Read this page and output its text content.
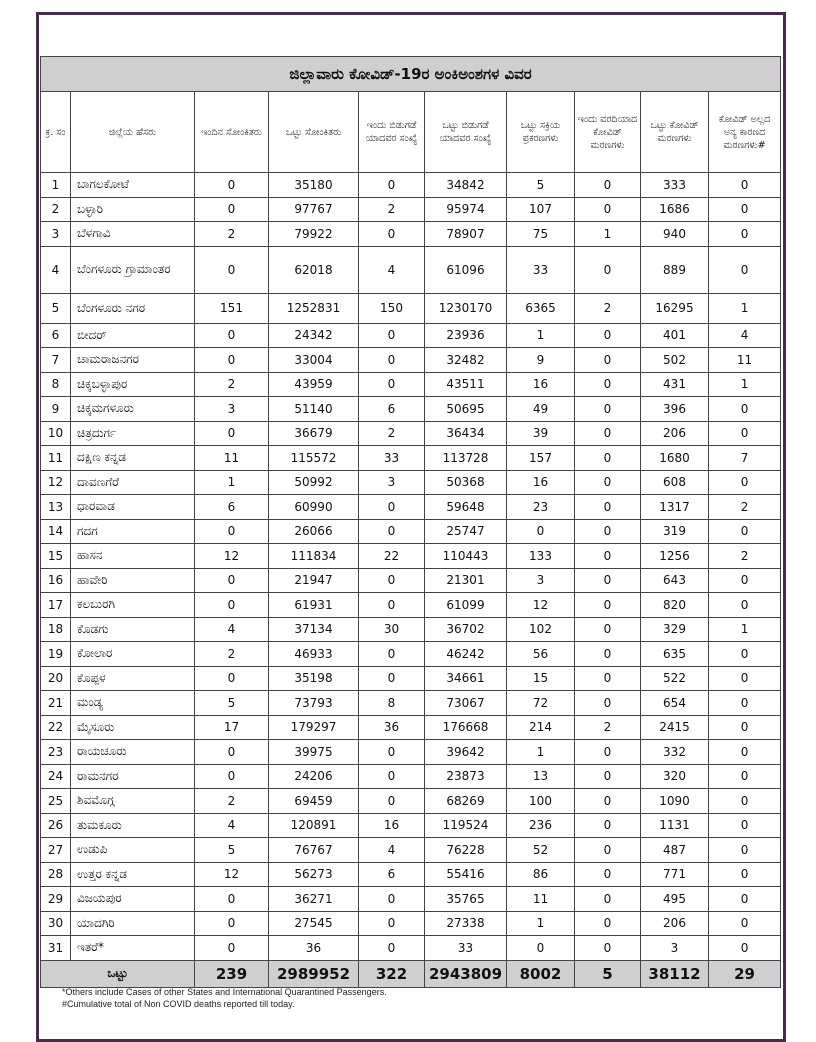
ಜಿಲ್ಲಾವಾರು ಕೋವಿಡ್-19ರ ಅಂಕಿಅಂಶಗಳ ವಿವರ									
ಕ್ರ. ಸಂ	ಜಿಲ್ಲೆಯ ಹೆಸರು	ಇಂದಿನ ಸೋಂಕಿತರು	ಒಟ್ಟು ಸೋಂಕಿತರು	ಇಂದು ಬಿಡುಗಡೆ ಯಾದವರ ಸಂಖ್ಯೆ	ಒಟ್ಟು ಬಿಡುಗಡೆ ಯಾದವರ ಸಂಖ್ಯೆ	ಒಟ್ಟು ಸಕ್ರಿಯ ಪ್ರಕರಣಗಳು	ಇಂದು ವರದಿಯಾದ ಕೋವಿಡ್ ಮರಣಗಳು	ಒಟ್ಟು ಕೋವಿಡ್ ಮರಣಗಳು	ಕೋವಿಡ್ ಅಲ್ಲದ ಅನ್ಯ ಕಾರಣದ ಮರಣಗಳು#
1	ಬಾಗಲಕೋಟೆ	0	35180	0	34842	5	0	333	0
2	ಬಳ್ಳಾರಿ	0	97767	2	95974	107	0	1686	0
3	ಬೆಳಗಾವಿ	2	79922	0	78907	75	1	940	0
4	ಬೆಂಗಳೂರು ಗ್ರಾಮಾಂತರ	0	62018	4	61096	33	0	889	0
5	ಬೆಂಗಳೂರು ನಗರ	151	1252831	150	1230170	6365	2	16295	1
6	ಬೀದರ್	0	24342	0	23936	1	0	401	4
7	ಚಾಮರಾಜನಗರ	0	33004	0	32482	9	0	502	11
8	ಚಿಕ್ಕಬಳ್ಳಾಪುರ	2	43959	0	43511	16	0	431	1
9	ಚಿಕ್ಕಮಗಳೂರು	3	51140	6	50695	49	0	396	0
10	ಚಿತ್ರದುರ್ಗ	0	36679	2	36434	39	0	206	0
11	ದಕ್ಷಿಣ ಕನ್ನಡ	11	115572	33	113728	157	0	1680	7
12	ದಾವಣಗೆರೆ	1	50992	3	50368	16	0	608	0
13	ಧಾರವಾಡ	6	60990	0	59648	23	0	1317	2
14	ಗದಗ	0	26066	0	25747	0	0	319	0
15	ಹಾಸನ	12	111834	22	110443	133	0	1256	2
16	ಹಾವೇರಿ	0	21947	0	21301	3	0	643	0
17	ಕಲಬುರಗಿ	0	61931	0	61099	12	0	820	0
18	ಕೊಡಗು	4	37134	30	36702	102	0	329	1
19	ಕೋಲಾರ	2	46933	0	46242	56	0	635	0
20	ಕೊಪ್ಪಳ	0	35198	0	34661	15	0	522	0
21	ಮಂಡ್ಯ	5	73793	8	73067	72	0	654	0
22	ಮೈಸೂರು	17	179297	36	176668	214	2	2415	0
23	ರಾಯಚೂರು	0	39975	0	39642	1	0	332	0
24	ರಾಮನಗರ	0	24206	0	23873	13	0	320	0
25	ಶಿವಮೊಗ್ಗ	2	69459	0	68269	100	0	1090	0
26	ತುಮಕೂರು	4	120891	16	119524	236	0	1131	0
27	ಉಡುಪಿ	5	76767	4	76228	52	0	487	0
28	ಉತ್ತರ ಕನ್ನಡ	12	56273	6	55416	86	0	771	0
29	ವಿಜಯಪುರ	0	36271	0	35765	11	0	495	0
30	ಯಾದಗಿರಿ	0	27545	0	27338	1	0	206	0
31	ಇತರೆ*	0	36	0	33	0	0	3	0
ಒಟ್ಟು		239	2989952	322	2943809	8002	5	38112	29
*Others include Cases of other States and International Quarantined Passengers.
#Cumulative total of Non COVID deaths reported till today.
